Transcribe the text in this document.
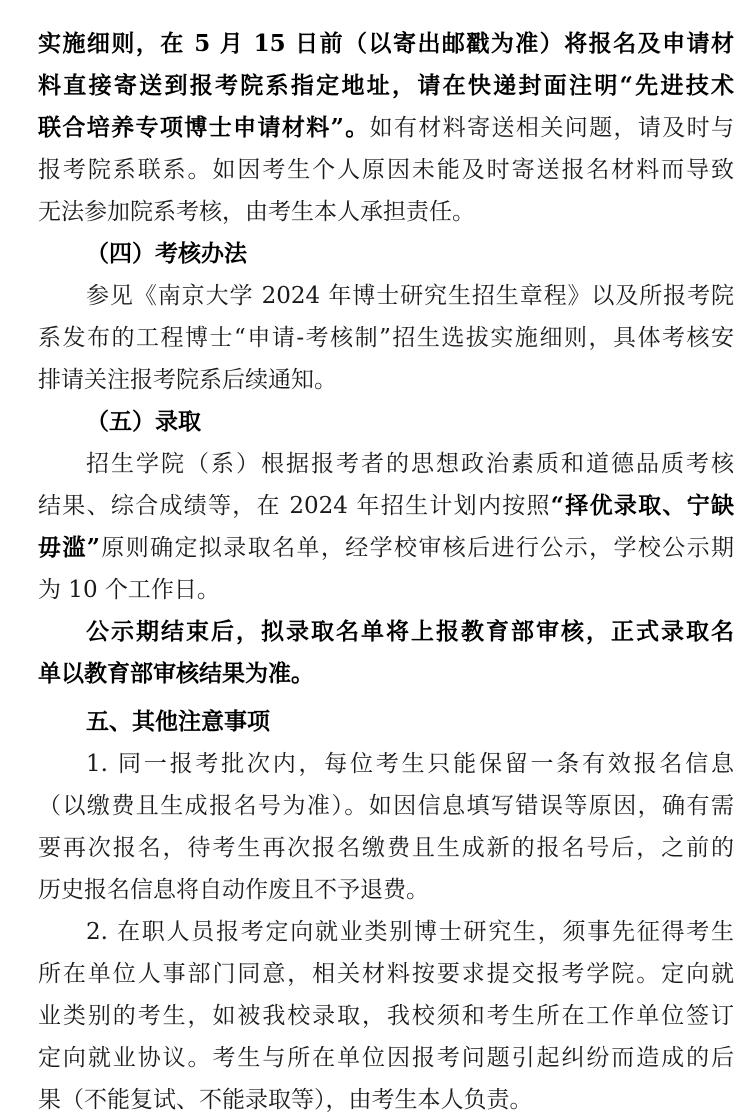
实施细则，在 5 月 15 日前（以寄出邮戳为准）将报名及申请材
料直接寄送到报考院系指定地址，请在快递封面注明“先进技术
联合培养专项博士申请材料”。如有材料寄送相关问题，请及时与
报考院系联系。如因考生个人原因未能及时寄送报名材料而导致
无法参加院系考核，由考生本人承担责任。
（四）考核办法
参见《南京大学 2024 年博士研究生招生章程》以及所报考院
系发布的工程博士“申请-考核制”招生选拔实施细则，具体考核安
排请关注报考院系后续通知。
（五）录取
招生学院（系）根据报考者的思想政治素质和道德品质考核
结果、综合成绩等，在 2024 年招生计划内按照“择优录取、宁缺
毋滥”原则确定拟录取名单，经学校审核后进行公示，学校公示期
为 10 个工作日。
公示期结束后，拟录取名单将上报教育部审核，正式录取名
单以教育部审核结果为准。
五、其他注意事项
1. 同一报考批次内，每位考生只能保留一条有效报名信息
（以缴费且生成报名号为准）。如因信息填写错误等原因，确有需
要再次报名，待考生再次报名缴费且生成新的报名号后，之前的
历史报名信息将自动作废且不予退费。
2. 在职人员报考定向就业类别博士研究生，须事先征得考生
所在单位人事部门同意，相关材料按要求提交报考学院。定向就
业类别的考生，如被我校录取，我校须和考生所在工作单位签订
定向就业协议。考生与所在单位因报考问题引起纠纷而造成的后
果（不能复试、不能录取等），由考生本人负责。
